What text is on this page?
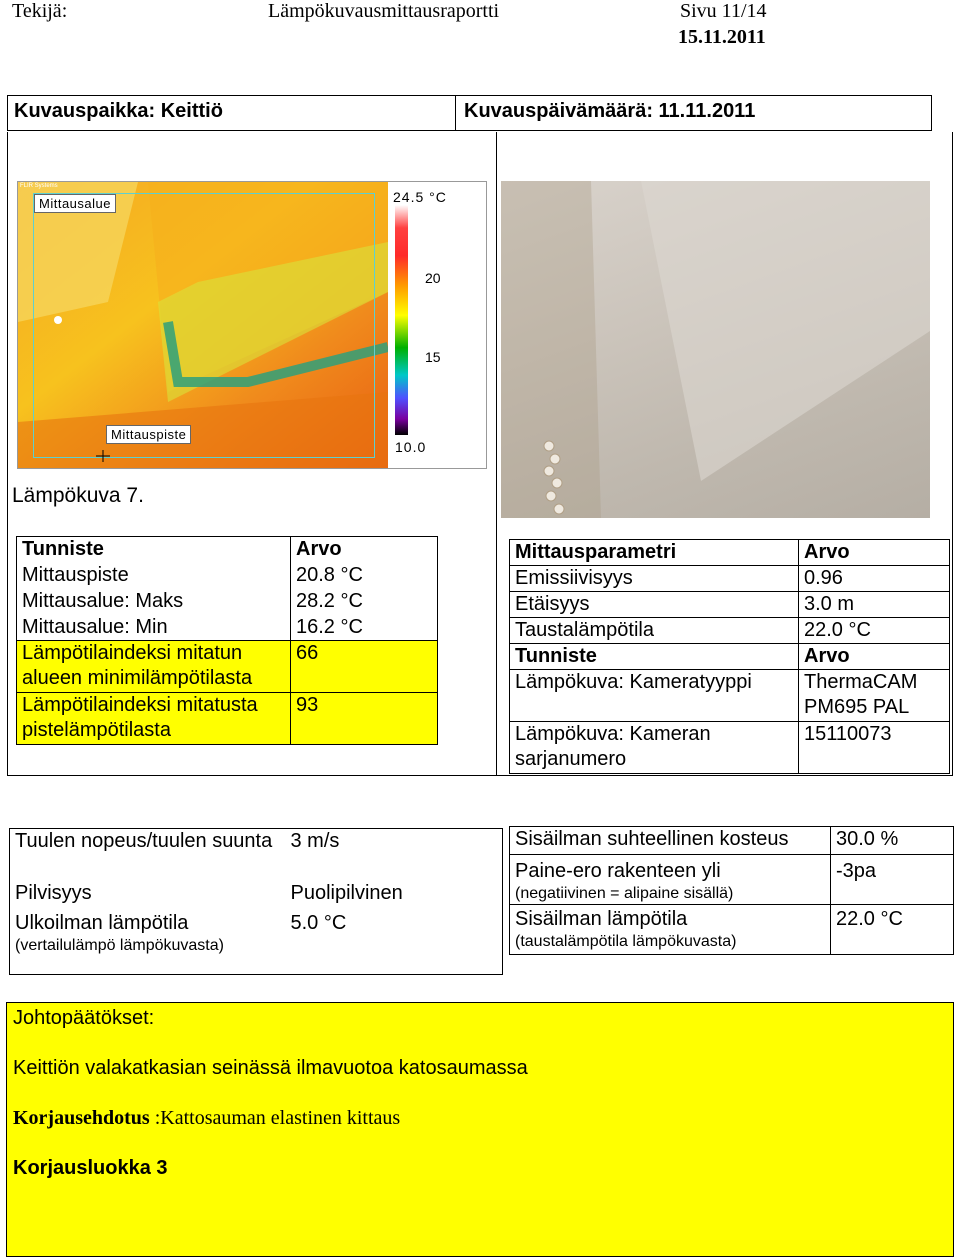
Tekijä:	Lämpökuvausmittausraportti	Sivu 11/14
15.11.2011
Kuvauspaikka: Keittiö	Kuvauspäivämäärä: 11.11.2011
FLIR Systems
Mittausalue
Mittauspiste
24.5 °C
20
15
10.0
Lämpökuva 7.
Tunniste	Arvo
Mittauspiste	20.8 °C
Mittausalue: Maks	28.2 °C
Mittausalue: Min	16.2 °C
Lämpötilaindeksi mitatun alueen minimilämpötilasta	66
Lämpötilaindeksi mitatusta pistelämpötilasta	93
Mittausparametri	Arvo
Emissiivisyys	0.96
Etäisyys	3.0 m
Taustalämpötila	22.0 °C
Tunniste	Arvo
Lämpökuva: Kameratyyppi	ThermaCAM
PM695 PAL

Lämpökuva: Kameran sarjanumero	15110073
Tuulen nopeus/tuulen suunta	3 m/s
Pilvisyys	Puolipilvinen

Ulkoilman lämpötila
(vertailulämpö lämpökuvasta)	5.0 °C
Sisäilman suhteellinen kosteus	30.0 %

Paine-ero rakenteen yli
(negatiivinen = alipaine sisällä)	-3pa

Sisäilman lämpötila
(taustalämpötila lämpökuvasta)	22.0 °C
Johtopäätökset:
Keittiön valakatkasian seinässä ilmavuotoa katosaumassa
Korjausehdotus :Kattosauman elastinen kittaus
Korjausluokka 3
